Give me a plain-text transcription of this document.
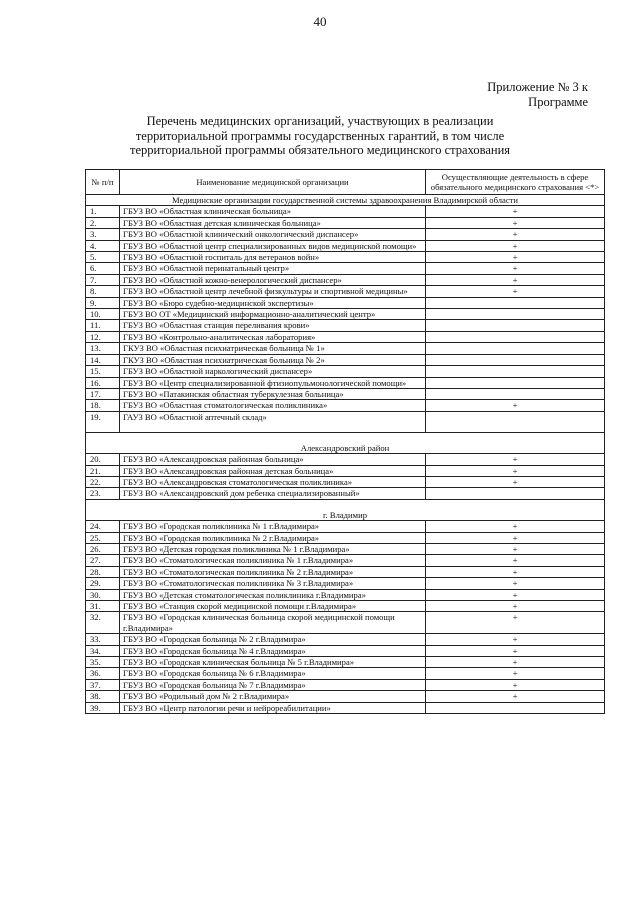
40
Приложение № 3 к
Программе
Перечень медицинских организаций, участвующих в реализации территориальной программы государственных гарантий, в том числе территориальной программы обязательного медицинского страхования
№ п/п	Наименование медицинской организации	Осуществляющие деятельность в сфере обязательного медицинского страхования <*>
Медицинские организации государственной системы здравоохранения Владимирской области		
1.	ГБУЗ ВО «Областная клиническая больница»	+
2.	ГБУЗ ВО «Областная детская клиническая больница»	+
3.	ГБУЗ ВО «Областной клинический онкологический диспансер»	+
4.	ГБУЗ ВО «Областной центр специализированных видов медицинской помощи»	+
5.	ГБУЗ ВО «Областной госпиталь для ветеранов войн»	+
6.	ГБУЗ ВО «Областной перинатальный центр»	+
7.	ГБУЗ ВО «Областной кожно-венерологический диспансер»	+
8.	ГБУЗ ВО «Областной центр лечебной физкультуры и спортивной медицины»	+
9.	ГБУЗ ВО «Бюро судебно-медицинской экспертизы»	
10.	ГБУЗ ВО ОТ «Медицинский информационно-аналитический центр»	
11.	ГБУЗ ВО «Областная станция переливания крови»	
12.	ГБУЗ ВО «Контрольно-аналитическая лаборатория»	
13.	ГКУЗ ВО «Областная психиатрическая больница № 1»	
14.	ГКУЗ ВО «Областная психиатрическая больница № 2»	
15.	ГБУЗ ВО «Областной наркологический диспансер»	
16.	ГБУЗ ВО «Центр специализированной фтизиопульмонологической помощи»	
17.	ГБУЗ ВО «Патакинская областная туберкулезная больница»	
18.	ГБУЗ ВО «Областная стоматологическая поликлиника»	+
19.	ГАУЗ ВО «Областной аптечный склад»	
Александровский район		
20.	ГБУЗ ВО «Александровская районная больница»	+
21.	ГБУЗ ВО «Александровская районная детская больница»	+
22.	ГБУЗ ВО «Александровская стоматологическая поликлиника»	+
23.	ГБУЗ ВО «Александровский дом ребенка специализированный»	
г. Владимир		
24.	ГБУЗ ВО «Городская поликлиника № 1 г.Владимира»	+
25.	ГБУЗ ВО «Городская поликлиника № 2 г.Владимира»	+
26.	ГБУЗ ВО «Детская городская поликлиника № 1 г.Владимира»	+
27.	ГБУЗ ВО «Стоматологическая поликлиника № 1 г.Владимира»	+
28.	ГБУЗ ВО «Стоматологическая поликлиника № 2 г.Владимира»	+
29.	ГБУЗ ВО «Стоматологическая поликлиника № 3 г.Владимира»	+
30.	ГБУЗ ВО «Детская стоматологическая поликлиника г.Владимира»	+
31.	ГБУЗ ВО «Станция скорой медицинской помощи г.Владимира»	+
32.	ГБУЗ ВО «Городская клиническая больница скорой медицинской помощи г.Владимира»	+
33.	ГБУЗ ВО «Городская больница № 2 г.Владимира»	+
34.	ГБУЗ ВО «Городская больница № 4 г.Владимира»	+
35.	ГБУЗ ВО «Городская клиническая больница № 5 г.Владимира»	+
36.	ГБУЗ ВО «Городская больница № 6 г.Владимира»	+
37.	ГБУЗ ВО «Городская больница № 7 г.Владимира»	+
38.	ГБУЗ ВО «Родильный дом № 2 г.Владимира»	+
39.	ГБУЗ ВО «Центр патологии речи и нейрореабилитации»	
